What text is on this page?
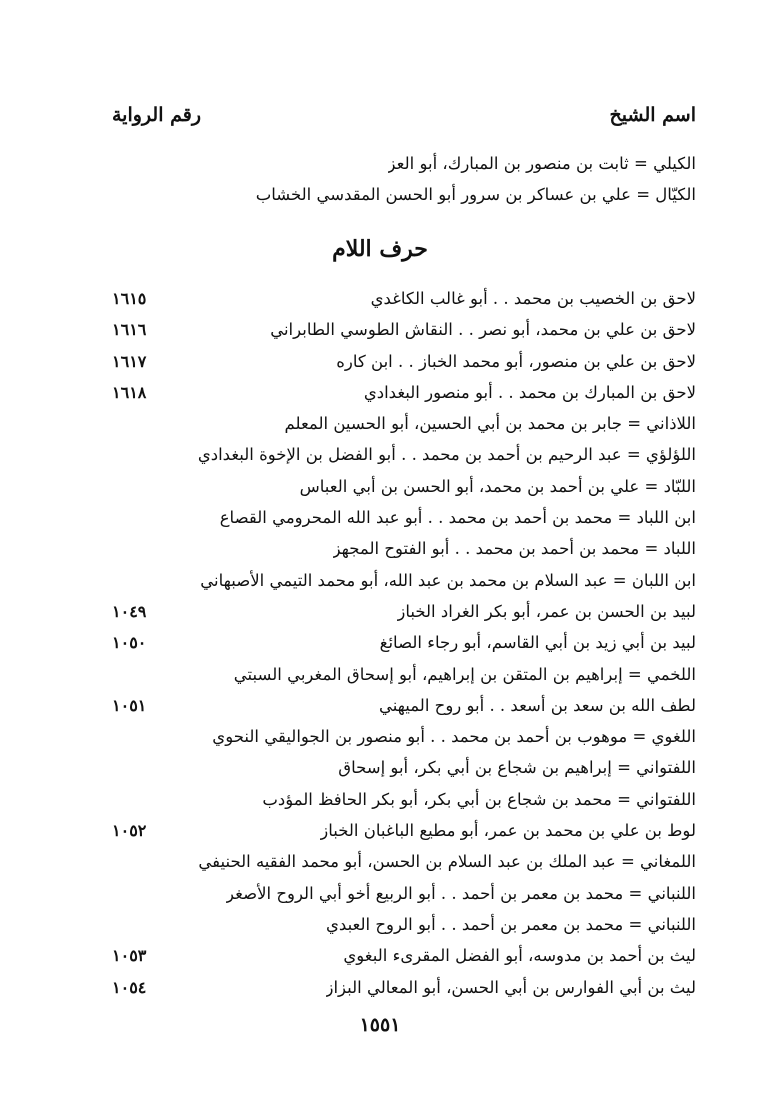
اسم الشيخ
رقم الرواية
الكيلي = ثابت بن منصور بن المبارك، أبو العز
الكيّال = علي بن عساكر بن سرور أبو الحسن المقدسي الخشاب
حرف اللام
لاحق بن الخصيب بن محمد . . أبو غالب الكاغدي
١٦١٥
لاحق بن علي بن محمد، أبو نصر . . النقاش الطوسي الطابراني
١٦١٦
لاحق بن علي بن منصور، أبو محمد الخباز . . ابن كاره
١٦١٧
لاحق بن المبارك بن محمد . . أبو منصور البغدادي
١٦١٨
اللاذاني = جابر بن محمد بن أبي الحسين، أبو الحسين المعلم
اللؤلؤي = عبد الرحيم بن أحمد بن محمد . . أبو الفضل بن الإخوة البغدادي
اللبّاد = علي بن أحمد بن محمد، أبو الحسن بن أبي العباس
ابن اللباد = محمد بن أحمد بن محمد . . أبو عبد الله المحرومي القصاع
اللباد = محمد بن أحمد بن محمد . . أبو الفتوح المجهز
ابن اللبان = عبد السلام بن محمد بن عبد الله، أبو محمد التيمي الأصبهاني
لبيد بن الحسن بن عمر، أبو بكر الغراد الخباز
١٠٤٩
لبيد بن أبي زيد بن أبي القاسم، أبو رجاء الصائغ
١٠٥٠
اللخمي = إبراهيم بن المتقن بن إبراهيم، أبو إسحاق المغربي السبتي
لطف الله بن سعد بن أسعد . . أبو روح الميهني
١٠٥١
اللغوي = موهوب بن أحمد بن محمد . . أبو منصور بن الجواليقي النحوي
اللفتواني = إبراهيم بن شجاع بن أبي بكر، أبو إسحاق
اللفتواني = محمد بن شجاع بن أبي بكر، أبو بكر الحافظ المؤدب
لوط بن علي بن محمد بن عمر، أبو مطيع الباغبان الخباز
١٠٥٢
اللمغاني = عبد الملك بن عبد السلام بن الحسن، أبو محمد الفقيه الحنيفي
اللنباني = محمد بن معمر بن أحمد . . أبو الربيع أخو أبي الروح الأصغر
اللنباني = محمد بن معمر بن أحمد . . أبو الروح العبدي
ليث بن أحمد بن مدوسه، أبو الفضل المقرىء البغوي
١٠٥٣
ليث بن أبي الفوارس بن أبي الحسن، أبو المعالي البزاز
١٠٥٤
١٥٥١
